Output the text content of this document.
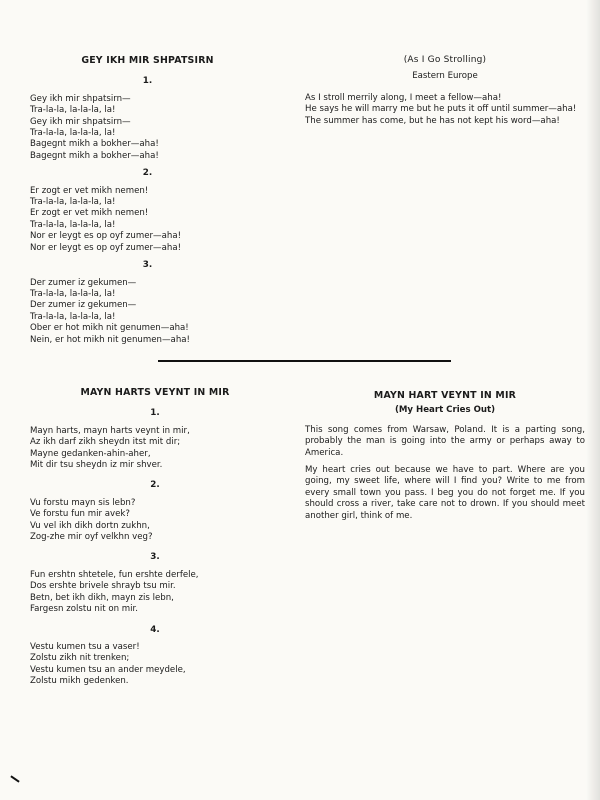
GEY IKH MIR SHPATSIRN
1.
Gey ikh mir shpatsirn—
Tra-la-la, la-la-la, la!
Gey ikh mir shpatsirn—
Tra-la-la, la-la-la, la!
Bagegnt mikh a bokher—aha!
Bagegnt mikh a bokher—aha!
2.
Er zogt er vet mikh nemen!
Tra-la-la, la-la-la, la!
Er zogt er vet mikh nemen!
Tra-la-la, la-la-la, la!
Nor er leygt es op oyf zumer—aha!
Nor er leygt es op oyf zumer—aha!
3.
Der zumer iz gekumen—
Tra-la-la, la-la-la, la!
Der zumer iz gekumen—
Tra-la-la, la-la-la, la!
Ober er hot mikh nit genumen—aha!
Nein, er hot mikh nit genumen—aha!
(As I Go Strolling)
Eastern Europe
As I stroll merrily along, I meet a fellow—aha!
He says he will marry me but he puts it off until summer—aha!
The summer has come, but he has not kept his word—aha!
MAYN HARTS VEYNT IN MIR
1.
Mayn harts, mayn harts veynt in mir,
Az ikh darf zikh sheydn itst mit dir;
Mayne gedanken-ahin-aher,
Mit dir tsu sheydn iz mir shver.
2.
Vu forstu mayn sis lebn?
Ve forstu fun mir avek?
Vu vel ikh dikh dortn zukhn,
Zog-zhe mir oyf velkhn veg?
3.
Fun ershtn shtetele, fun ershte derfele,
Dos ershte brivele shrayb tsu mir.
Betn, bet ikh dikh, mayn zis lebn,
Fargesn zolstu nit on mir.
4.
Vestu kumen tsu a vaser!
Zolstu zikh nit trenken;
Vestu kumen tsu an ander meydele,
Zolstu mikh gedenken.
MAYN HART VEYNT IN MIR
(My Heart Cries Out)
This song comes from Warsaw, Poland. It is a parting song, probably the man is going into the army or perhaps away to America.
My heart cries out because we have to part. Where are you going, my sweet life, where will I find you? Write to me from every small town you pass. I beg you do not forget me. If you should cross a river, take care not to drown. If you should meet another girl, think of me.
